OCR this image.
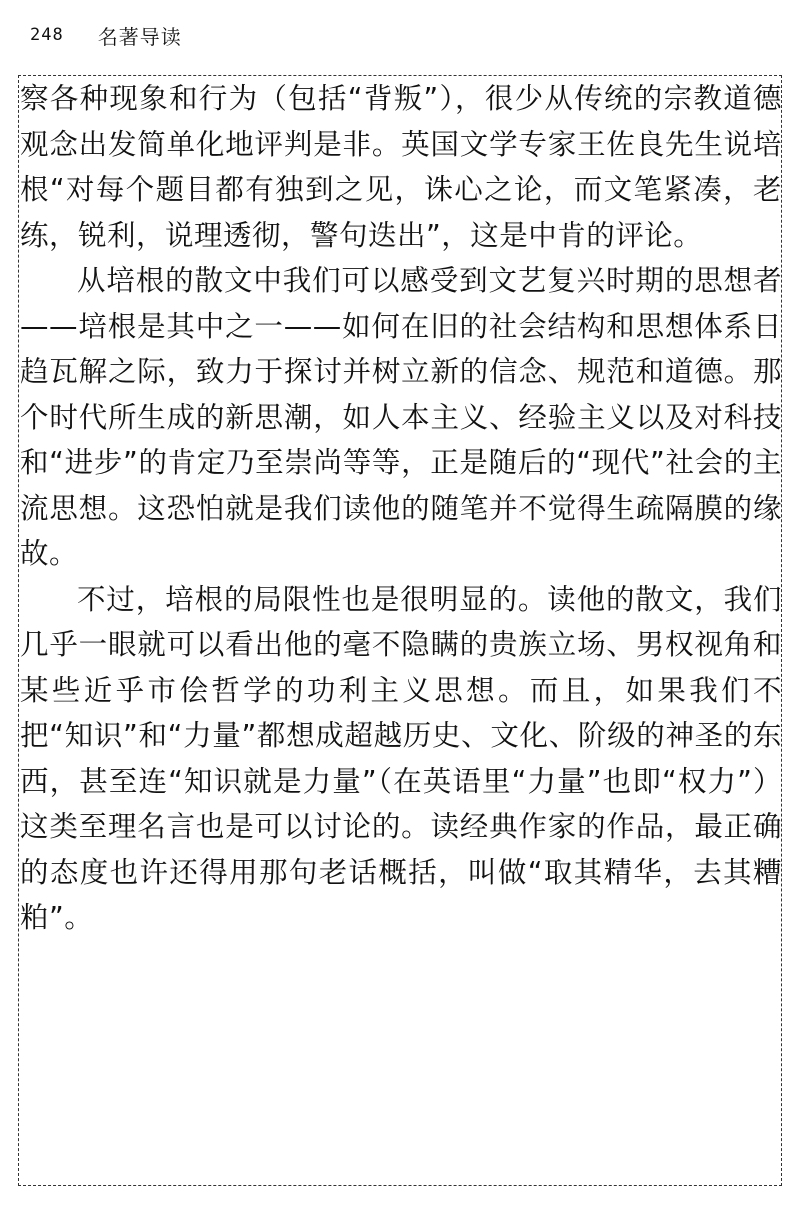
248 名著导读

察各种现象和行为（包括“背叛”），很少从传统的宗教道德观念出发简单化地评判是非。英国文学专家王佐良先生说培根“对每个题目都有独到之见，诛心之论，而文笔紧凑，老练，锐利，说理透彻，警句迭出”，这是中肯的评论。

从培根的散文中我们可以感受到文艺复兴时期的思想者——培根是其中之一——如何在旧的社会结构和思想体系日趋瓦解之际，致力于探讨并树立新的信念、规范和道德。那个时代所生成的新思潮，如人本主义、经验主义以及对科技和“进步”的肯定乃至崇尚等等，正是随后的“现代”社会的主流思想。这恐怕就是我们读他的随笔并不觉得生疏隔膜的缘故。

不过，培根的局限性也是很明显的。读他的散文，我们几乎一眼就可以看出他的毫不隐瞒的贵族立场、男权视角和某些近乎市侩哲学的功利主义思想。而且，如果我们不把“知识”和“力量”都想成超越历史、文化、阶级的神圣的东西，甚至连“知识就是力量”（在英语里“力量”也即“权力”）这类至理名言也是可以讨论的。读经典作家的作品，最正确的态度也许还得用那句老话概括，叫做“取其精华，去其糟粕”。
